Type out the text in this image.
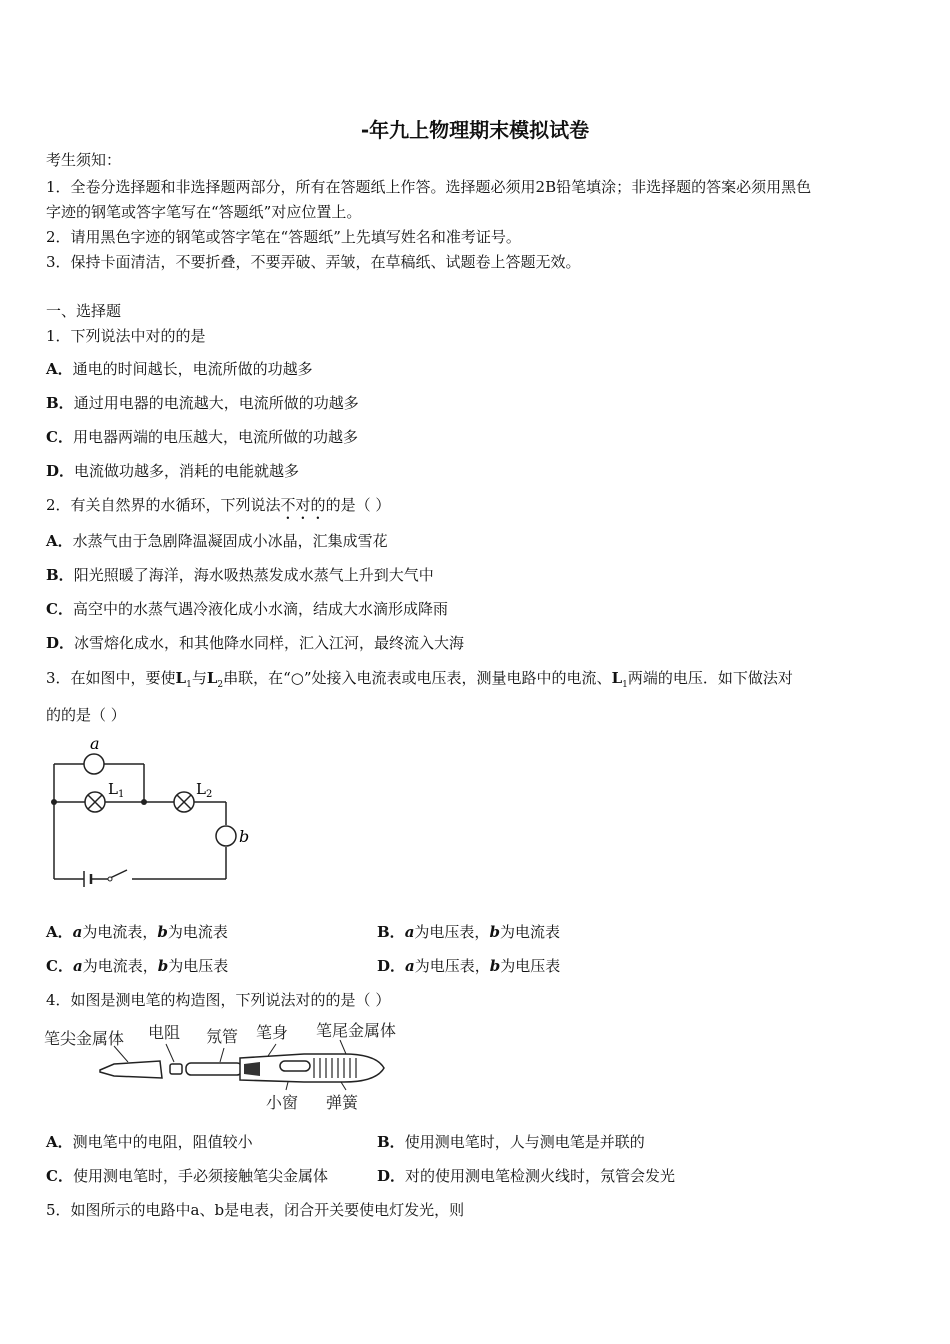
-年九上物理期末模拟试卷
考生须知：
1．全卷分选择题和非选择题两部分，所有在答题纸上作答。选择题必须用2B铅笔填涂；非选择题的答案必须用黑色
字迹的钢笔或答字笔写在“答题纸”对应位置上。
2．请用黑色字迹的钢笔或答字笔在“答题纸”上先填写姓名和准考证号。
3．保持卡面清洁，不要折叠，不要弄破、弄皱，在草稿纸、试题卷上答题无效。
一、选择题
1．下列说法中对的的是
A．通电的时间越长，电流所做的功越多
B．通过用电器的电流越大，电流所做的功越多
C．用电器两端的电压越大，电流所做的功越多
D．电流做功越多，消耗的电能就越多
2．有关自然界的水循环，下列说法不对的的是（ ）
A．水蒸气由于急剧降温凝固成小冰晶，汇集成雪花
B．阳光照暖了海洋，海水吸热蒸发成水蒸气上升到大气中
C．高空中的水蒸气遇冷液化成小水滴，结成大水滴形成降雨
D．冰雪熔化成水，和其他降水同样，汇入江河，最终流入大海
3．在如图中，要使$L_1$与$L_2$串联，在“○”处接入电流表或电压表，测量电路中的电流、$L_1$两端的电压．如下做法对
的的是（ ）
a
b
$L_1$	$L_2$
A．a为电流表，b为电流表	B．a为电压表，b为电流表
C．a为电流表，b为电压表	D．a为电压表，b为电压表
4．如图是测电笔的构造图，下列说法对的的是（ ）
笔尖金属体 电阻 氖管 笔身 笔尾金属体
小窗 弹簧
A．测电笔中的电阻，阻值较小	B．使用测电笔时，人与测电笔是并联的
C．使用测电笔时，手必须接触笔尖金属体	D．对的使用测电笔检测火线时，氖管会发光
5．如图所示的电路中a、b是电表，闭合开关要使电灯发光，则
